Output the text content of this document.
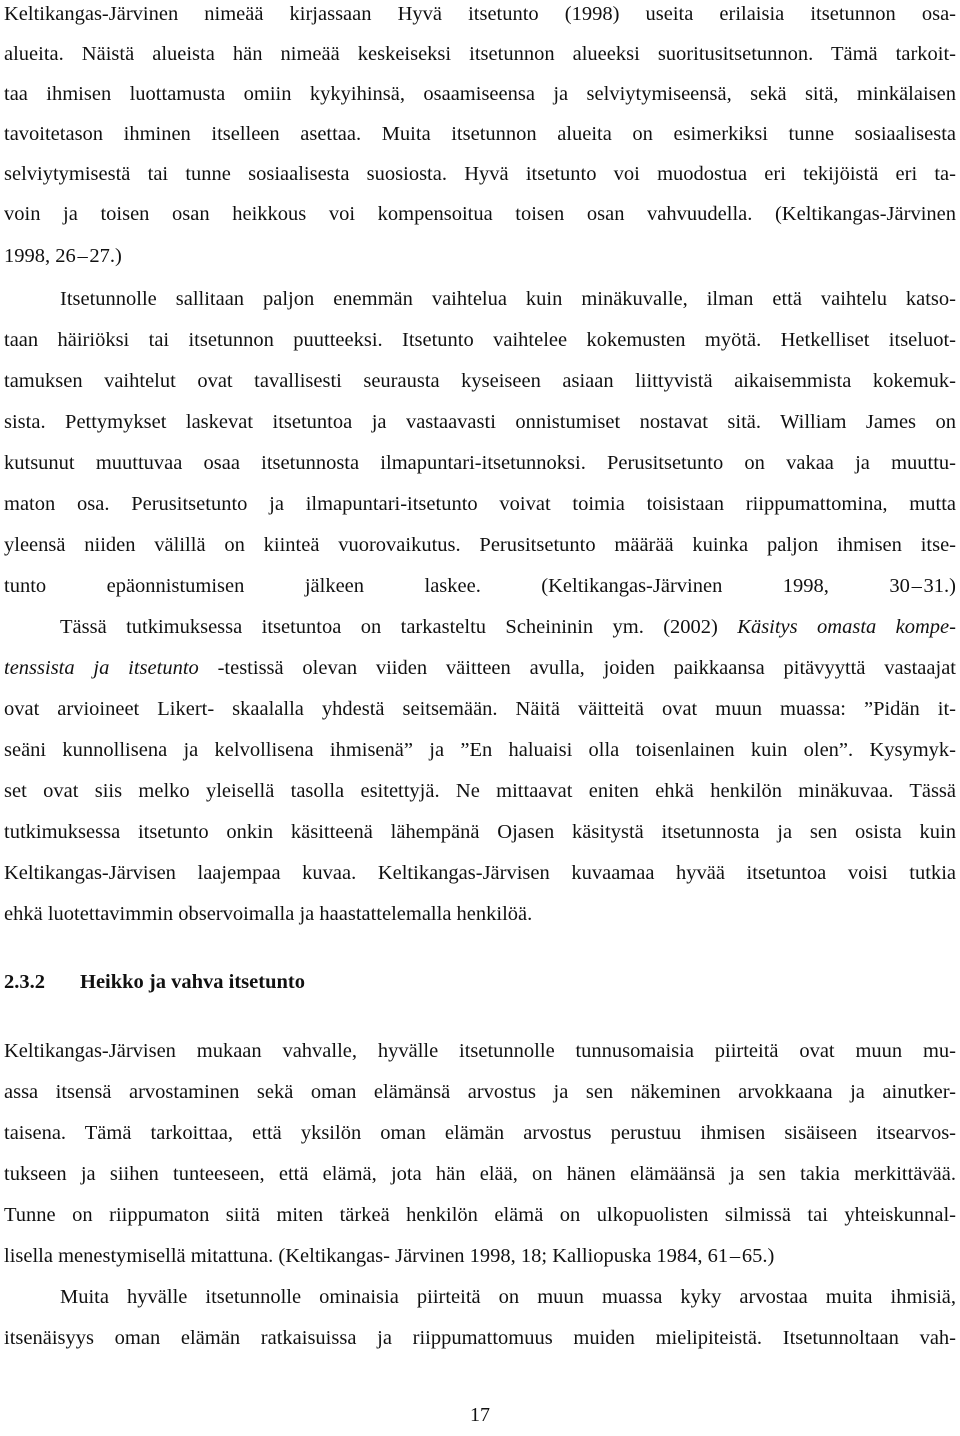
Keltikangas-Järvinen nimeää kirjassaan Hyvä itsetunto (1998) useita erilaisia itsetunnon osa-
alueita. Näistä alueista hän nimeää keskeiseksi itsetunnon alueeksi suoritusitsetunnon. Tämä tarkoit-
taa ihmisen luottamusta omiin kykyihinsä, osaamiseensa ja selviytymiseensä, sekä sitä, minkälaisen
tavoitetason ihminen itselleen asettaa. Muita itsetunnon alueita on esimerkiksi tunne sosiaalisesta
selviytymisestä tai tunne sosiaalisesta suosiosta. Hyvä itsetunto voi muodostua eri tekijöistä eri ta-
voin ja toisen osan heikkous voi kompensoitua toisen osan vahvuudella. (Keltikangas-Järvinen
1998, 26 – 27.)
Itsetunnolle sallitaan paljon enemmän vaihtelua kuin minäkuvalle, ilman että vaihtelu katso-
taan häiriöksi tai itsetunnon puutteeksi. Itsetunto vaihtelee kokemusten myötä. Hetkelliset itseluot-
tamuksen vaihtelut ovat tavallisesti seurausta kyseiseen asiaan liittyvistä aikaisemmista kokemuk-
sista. Pettymykset laskevat itsetuntoa ja vastaavasti onnistumiset nostavat sitä. William James on
kutsunut muuttuvaa osaa itsetunnosta ilmapuntari-itsetunnoksi. Perusitsetunto on vakaa ja muuttu-
maton osa. Perusitsetunto ja ilmapuntari-itsetunto voivat toimia toisistaan riippumattomina, mutta
yleensä niiden välillä on kiinteä vuorovaikutus. Perusitsetunto määrää kuinka paljon ihmisen itse-
tunto epäonnistumisen jälkeen laskee. (Keltikangas-Järvinen 1998, 30 – 31.)
Tässä tutkimuksessa itsetuntoa on tarkasteltu Scheininin ym. (2002) Käsitys omasta kompe-
tenssista ja itsetunto -testissä olevan viiden väitteen avulla, joiden paikkaansa pitävyyttä vastaajat
ovat arvioineet Likert- skaalalla yhdestä seitsemään. Näitä väitteitä ovat muun muassa: ”Pidän it-
seäni kunnollisena ja kelvollisena ihmisenä” ja ”En haluaisi olla toisenlainen kuin olen”. Kysymyk-
set ovat siis melko yleisellä tasolla esitettyjä. Ne mittaavat eniten ehkä henkilön minäkuvaa. Tässä
tutkimuksessa itsetunto onkin käsitteenä lähempänä Ojasen käsitystä itsetunnosta ja sen osista kuin
Keltikangas-Järvisen laajempaa kuvaa. Keltikangas-Järvisen kuvaamaa hyvää itsetuntoa voisi tutkia
ehkä luotettavimmin observoimalla ja haastattelemalla henkilöä.
2.3.2 Heikko ja vahva itsetunto
Keltikangas-Järvisen mukaan vahvalle, hyvälle itsetunnolle tunnusomaisia piirteitä ovat muun mu-
assa itsensä arvostaminen sekä oman elämänsä arvostus ja sen näkeminen arvokkaana ja ainutker-
taisena. Tämä tarkoittaa, että yksilön oman elämän arvostus perustuu ihmisen sisäiseen itsearvos-
tukseen ja siihen tunteeseen, että elämä, jota hän elää, on hänen elämäänsä ja sen takia merkittävää.
Tunne on riippumaton siitä miten tärkeä henkilön elämä on ulkopuolisten silmissä tai yhteiskunnal-
lisella menestymisellä mitattuna. (Keltikangas- Järvinen 1998, 18; Kalliopuska 1984, 61 – 65.)
Muita hyvälle itsetunnolle ominaisia piirteitä on muun muassa kyky arvostaa muita ihmisiä,
itsenäisyys oman elämän ratkaisuissa ja riippumattomuus muiden mielipiteistä. Itsetunnoltaan vah-
17
